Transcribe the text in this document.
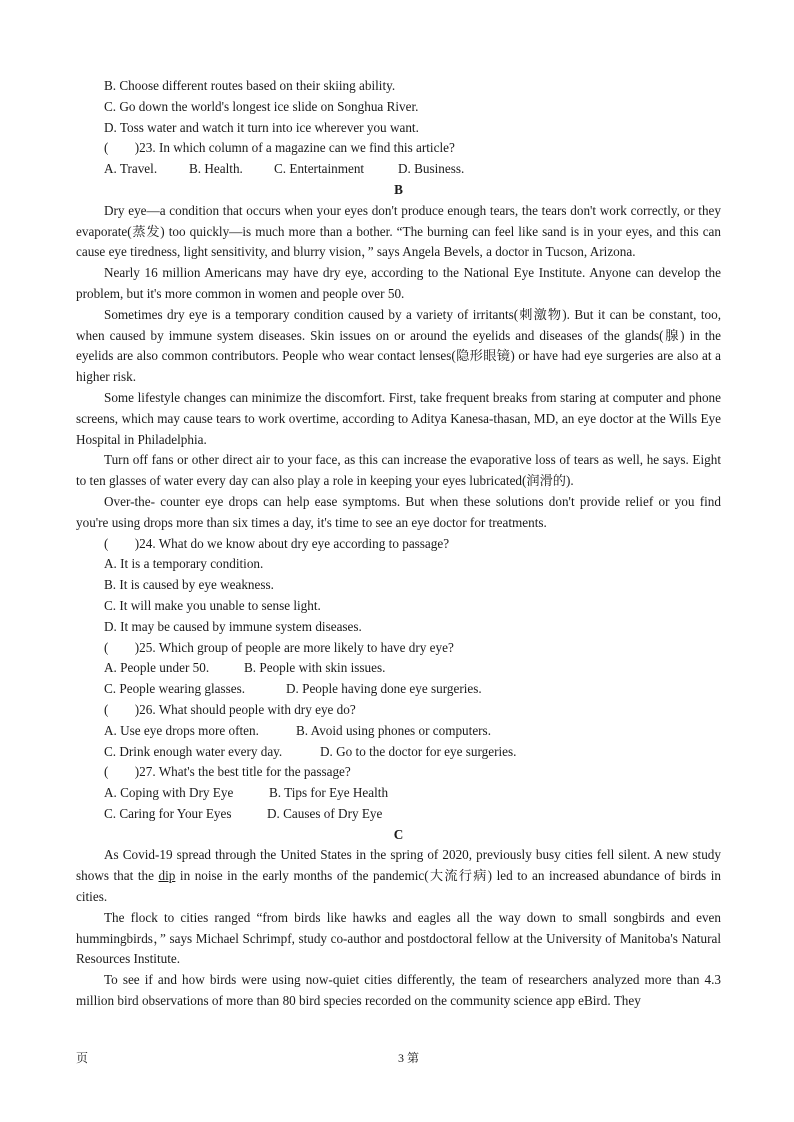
B. Choose different routes based on their skiing ability.
C. Go down the world's longest ice slide on Songhua River.
D. Toss water and watch it turn into ice wherever you want.
(　　)23. In which column of a magazine can we find this article?
A. Travel. B. Health. C. Entertainment	D. Business.
B

Dry eye—a condition that occurs when your eyes don't produce enough tears, the tears don't work correctly, or they evaporate(蒸发) too quickly—is much more than a bother. “The burning can feel like sand is in your eyes, and this can cause eye tiredness, light sensitivity, and blurry vision，” says Angela Bevels, a doctor in Tucson, Arizona.

Nearly 16 million Americans may have dry eye, according to the National Eye Institute. Anyone can develop the problem, but it's more common in women and people over 50.

Sometimes dry eye is a temporary condition caused by a variety of irritants(刺激物). But it can be constant, too, when caused by immune system diseases. Skin issues on or around the eyelids and diseases of the glands(腺) in the eyelids are also common contributors. People who wear contact lenses(隐形眼镜) or have had eye surgeries are also at a higher risk.

Some lifestyle changes can minimize the discomfort. First, take frequent breaks from staring at computer and phone screens, which may cause tears to work overtime, according to Aditya Kanesa-thasan, MD, an eye doctor at the Wills Eye Hospital in Philadelphia.

Turn off fans or other direct air to your face, as this can increase the evaporative loss of tears as well, he says. Eight to ten glasses of water every day can also play a role in keeping your eyes lubricated(润滑的).

Over-the- counter eye drops can help ease symptoms. But when these solutions don't provide relief or you find you're using drops more than six times a day, it's time to see an eye doctor for treatments.

(　　)24. What do we know about dry eye according to passage?
A. It is a temporary condition.
B. It is caused by eye weakness.
C. It will make you unable to sense light.
D. It may be caused by immune system diseases.
(　　)25. Which group of people are more likely to have dry eye?
A. People under 50.	B. People with skin issues.
C. People wearing glasses.	D. People having done eye surgeries.
(　　)26. What should people with dry eye do?
A. Use eye drops more often.	B. Avoid using phones or computers.
C. Drink enough water every day.	D. Go to the doctor for eye surgeries.
(　　)27. What's the best title for the passage?
A. Coping with Dry Eye	B. Tips for Eye Health
C. Caring for Your Eyes	D. Causes of Dry Eye
C

As Covid-19 spread through the United States in the spring of 2020, previously busy cities fell silent. A new study shows that the dip in noise in the early months of the pandemic(大流行病) led to an increased abundance of birds in cities.

The flock to cities ranged “from birds like hawks and eagles all the way down to small songbirds and even hummingbirds，” says Michael Schrimpf, study co-author and postdoctoral fellow at the University of Manitoba's Natural Resources Institute.

To see if and how birds were using now-quiet cities differently, the team of researchers analyzed more than 4.3 million bird observations of more than 80 bird species recorded on the community science app eBird. They

页	3 第
